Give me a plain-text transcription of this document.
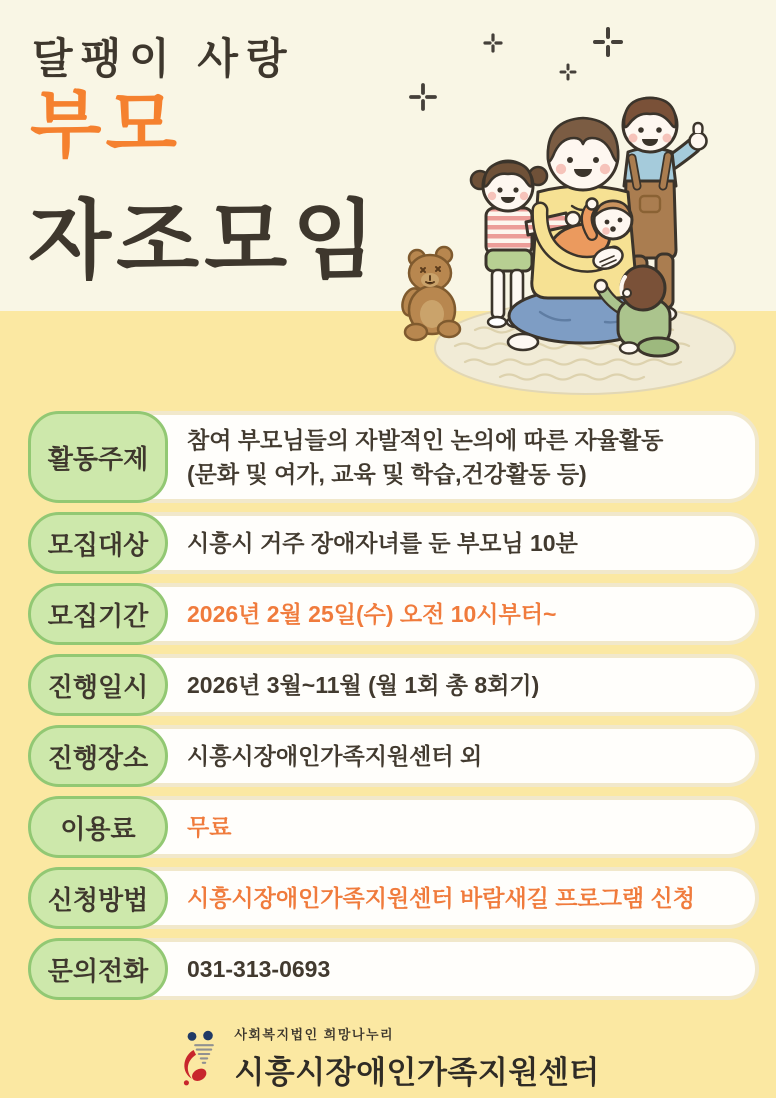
달팽이 사랑
부모
자조모임
활동주제
참여 부모님들의 자발적인 논의에 따른 자율활동
(문화 및 여가, 교육 및 학습,건강활동 등)
모집대상 시흥시 거주 장애자녀를 둔 부모님 10분
모집기간 2026년 2월 25일(수) 오전 10시부터~
진행일시 2026년 3월~11월 (월 1회 총 8회기)
진행장소 시흥시장애인가족지원센터 외
이용료 무료
신청방법 시흥시장애인가족지원센터 바람새길 프로그램 신청
문의전화 031-313-0693
사회복지법인 희망나누리
시흥시장애인가족지원센터
